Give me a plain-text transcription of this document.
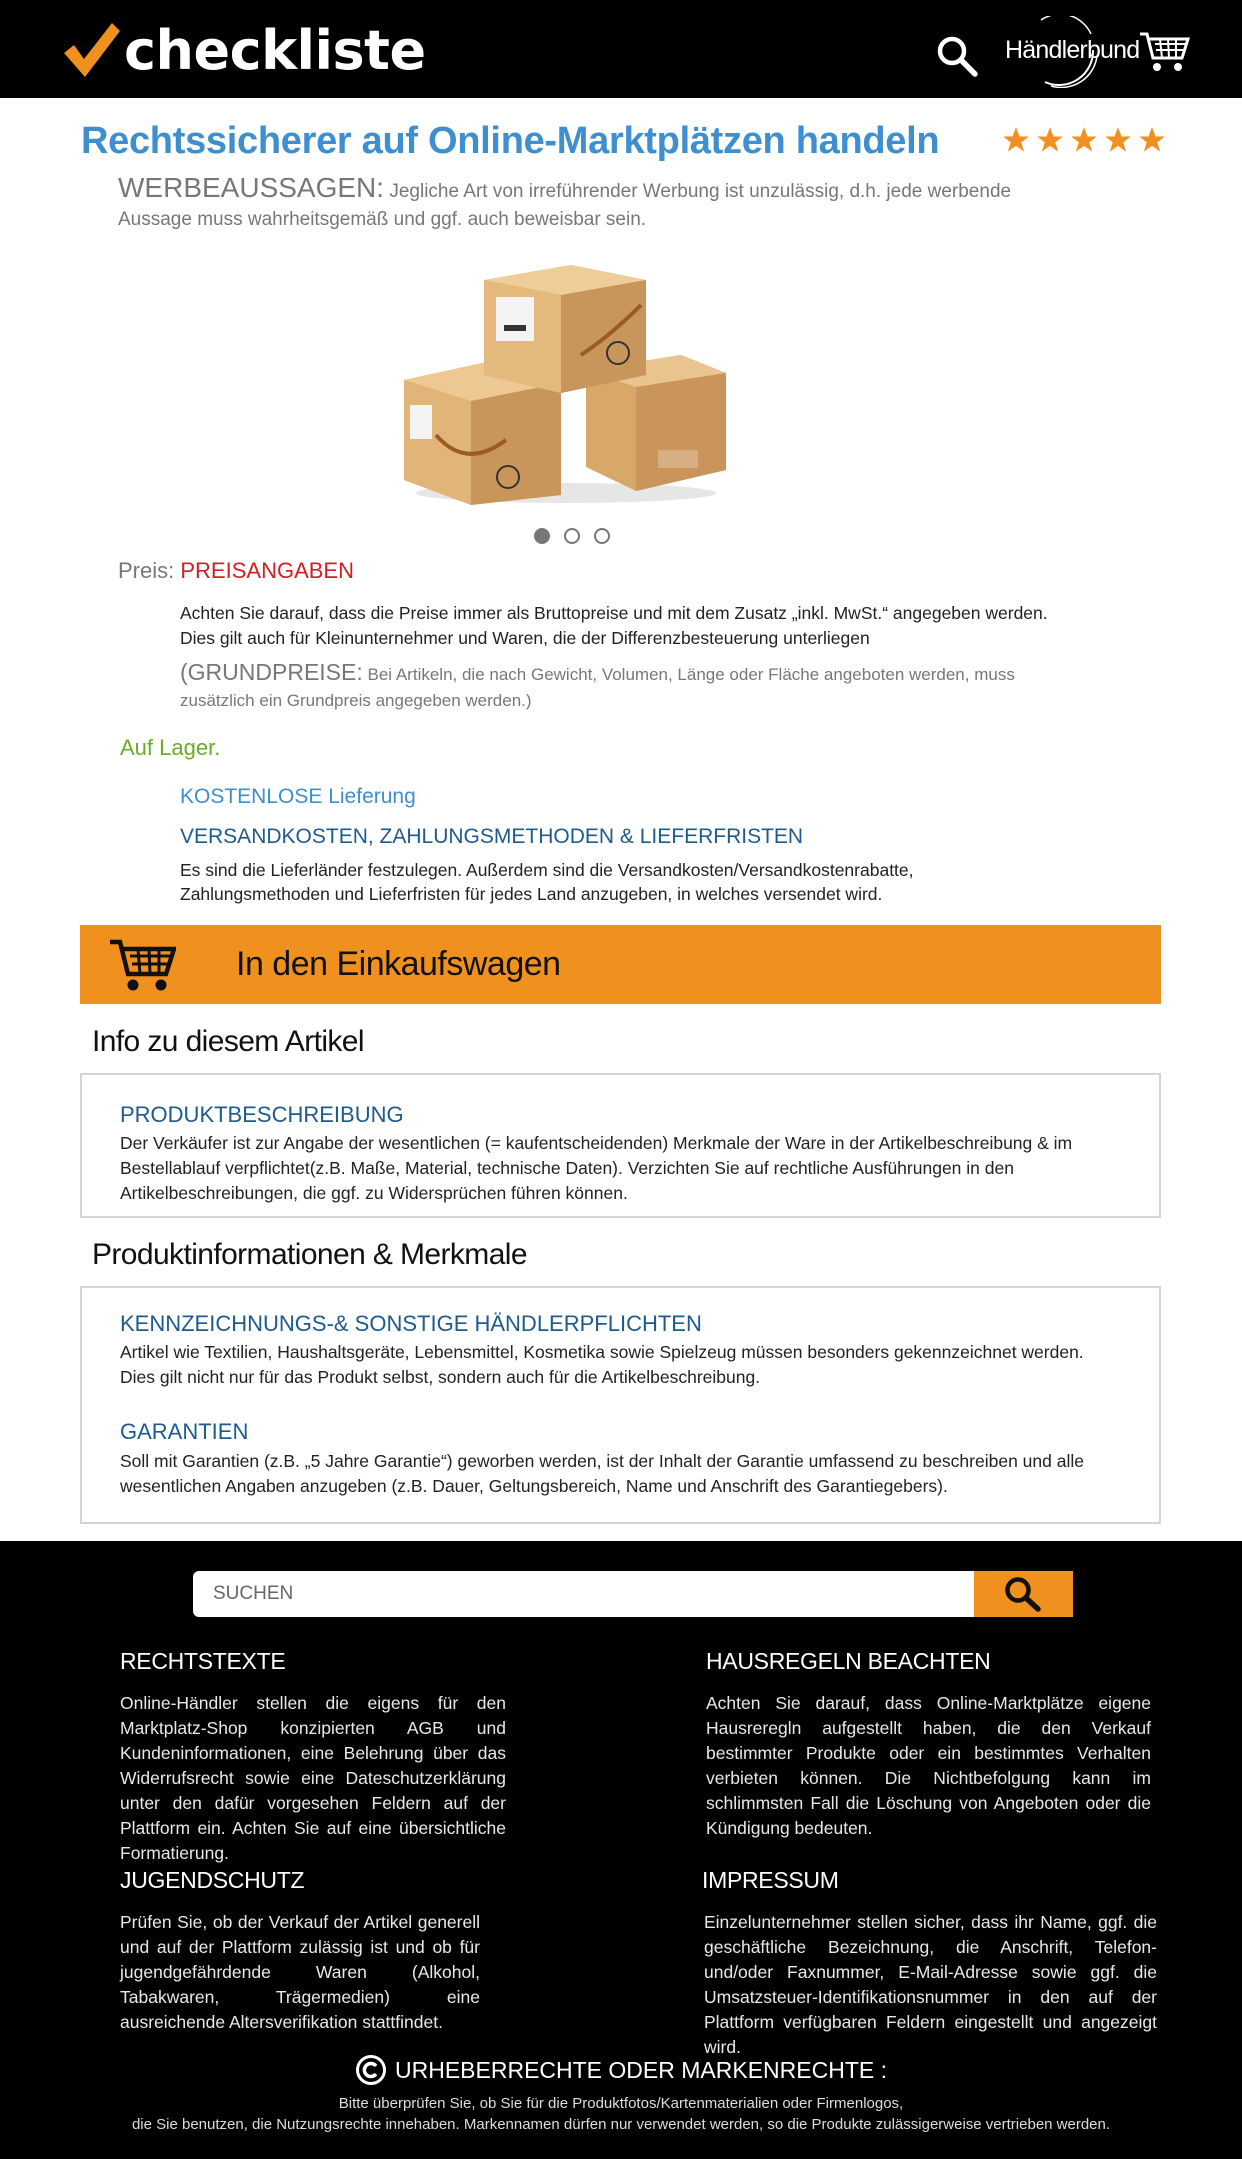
checkliste	Händlerbund
Rechtssicherer auf Online-Marktplätzen handeln
WERBEAUSSAGEN: Jegliche Art von irreführender Werbung ist unzulässig, d.h. jede werbende Aussage muss wahrheitsgemäß und ggf. auch beweisbar sein.
Preis: PREISANGABEN
Achten Sie darauf, dass die Preise immer als Bruttopreise und mit dem Zusatz „inkl. MwSt.“ angegeben werden.
Dies gilt auch für Kleinunternehmer und Waren, die der Differenzbesteuerung unterliegen
(GRUNDPREISE: Bei Artikeln, die nach Gewicht, Volumen, Länge oder Fläche angeboten werden, muss zusätzlich ein Grundpreis angegeben werden.)
Auf Lager.
KOSTENLOSE Lieferung
VERSANDKOSTEN, ZAHLUNGSMETHODEN & LIEFERFRISTEN
Es sind die Lieferländer festzulegen. Außerdem sind die Versandkosten/Versandkostenrabatte, Zahlungsmethoden und Lieferfristen für jedes Land anzugeben, in welches versendet wird.
In den Einkaufswagen
Info zu diesem Artikel
PRODUKTBESCHREIBUNG
Der Verkäufer ist zur Angabe der wesentlichen (= kaufentscheidenden) Merkmale der Ware in der Artikelbeschreibung & im Bestellablauf verpflichtet(z.B. Maße, Material, technische Daten). Verzichten Sie auf rechtliche Ausführungen in den Artikelbeschreibungen, die ggf. zu Widersprüchen führen können.
Produktinformationen & Merkmale
KENNZEICHNUNGS-& SONSTIGE HÄNDLERPFLICHTEN
Artikel wie Textilien, Haushaltsgeräte, Lebensmittel, Kosmetika sowie Spielzeug müssen besonders gekennzeichnet werden. Dies gilt nicht nur für das Produkt selbst, sondern auch für die Artikelbeschreibung.
GARANTIEN
Soll mit Garantien (z.B. „5 Jahre Garantie“) geworben werden, ist der Inhalt der Garantie umfassend zu beschreiben und alle wesentlichen Angaben anzugeben (z.B. Dauer, Geltungsbereich, Name und Anschrift des Garantiegebers).
SUCHEN
RECHTSTEXTE
Online-Händler stellen die eigens für den Marktplatz-Shop konzipierten AGB und Kundeninformationen, eine Belehrung über das Widerrufsrecht sowie eine Dateschutzerklärung unter den dafür vorgesehen Feldern auf der Plattform ein. Achten Sie auf eine übersichtliche Formatierung.
HAUSREGELN BEACHTEN
Achten Sie darauf, dass Online-Marktplätze eigene Hausreregln aufgestellt haben, die den Verkauf bestimmter Produkte oder ein bestimmtes Verhalten verbieten können. Die Nichtbefolgung kann im schlimmsten Fall die Löschung von Angeboten oder die Kündigung bedeuten.
JUGENDSCHUTZ
Prüfen Sie, ob der Verkauf der Artikel generell und auf der Plattform zulässig ist und ob für jugendgefährdende Waren (Alkohol, Tabakwaren, Trägermedien) eine ausreichende Altersverifikation stattfindet.
IMPRESSUM
Einzelunternehmer stellen sicher, dass ihr Name, ggf. die geschäftliche Bezeichnung, die Anschrift, Telefon- und/oder Faxnummer, E-Mail-Adresse sowie ggf. die Umsatzsteuer-Identifikationsnummer in den auf der Plattform verfügbaren Feldern eingestellt und angezeigt wird.
URHEBERRECHTE ODER MARKENRECHTE :
Bitte überprüfen Sie, ob Sie für die Produktfotos/Kartenmaterialien oder Firmenlogos,
die Sie benutzen, die Nutzungsrechte innehaben. Markennamen dürfen nur verwendet werden, so die Produkte zulässigerweise vertrieben werden.
